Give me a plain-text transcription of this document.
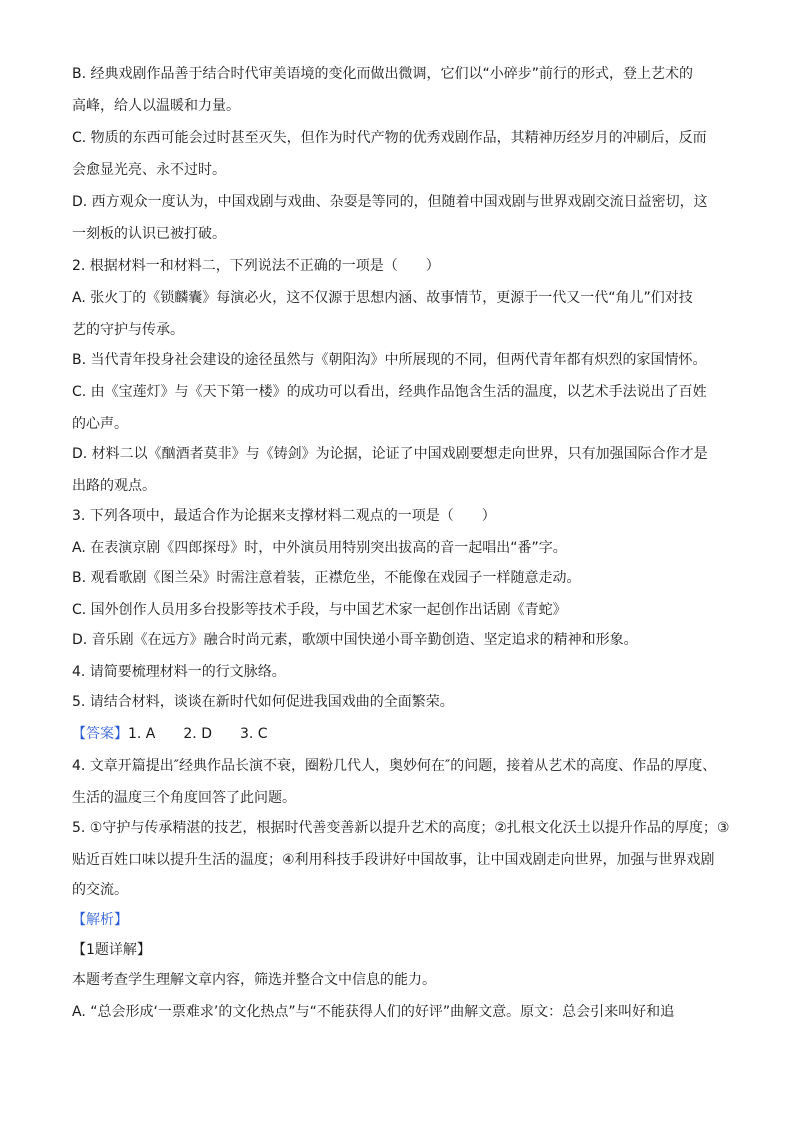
B. 经典戏剧作品善于结合时代审美语境的变化而做出微调，它们以“小碎步”前行的形式，登上艺术的
高峰，给人以温暖和力量。
C. 物质的东西可能会过时甚至灭失，但作为时代产物的优秀戏剧作品，其精神历经岁月的冲刷后，反而
会愈显光亮、永不过时。
D. 西方观众一度认为，中国戏剧与戏曲、杂耍是等同的，但随着中国戏剧与世界戏剧交流日益密切，这
一刻板的认识已被打破。
2. 根据材料一和材料二，下列说法不正确的一项是（　　）
A. 张火丁的《锁麟囊》每演必火，这不仅源于思想内涵、故事情节，更源于一代又一代“角儿”们对技
艺的守护与传承。
B. 当代青年投身社会建设的途径虽然与《朝阳沟》中所展现的不同，但两代青年都有炽烈的家国情怀。
C. 由《宝莲灯》与《天下第一楼》的成功可以看出，经典作品饱含生活的温度，以艺术手法说出了百姓
的心声。
D. 材料二以《酗酒者莫非》与《铸剑》为论据，论证了中国戏剧要想走向世界，只有加强国际合作才是
出路的观点。
3. 下列各项中，最适合作为论据来支撑材料二观点的一项是（　　）
A. 在表演京剧《四郎探母》时，中外演员用特别突出拔高的音一起唱出“番”字。
B. 观看歌剧《图兰朵》时需注意着装，正襟危坐，不能像在戏园子一样随意走动。
C. 国外创作人员用多台投影等技术手段，与中国艺术家一起创作出话剧《青蛇》
D. 音乐剧《在远方》融合时尚元素，歌颂中国快递小哥辛勤创造、坚定追求的精神和形象。
4. 请简要梳理材料一的行文脉络。
5. 请结合材料，谈谈在新时代如何促进我国戏曲的全面繁荣。
【答案】1. A　　2. D　　3. C
4. 文章开篇提出″经典作品长演不衰，圈粉几代人，奥妙何在″的问题，接着从艺术的高度、作品的厚度、
生活的温度三个角度回答了此问题。
5. ①守护与传承精湛的技艺，根据时代善变善新以提升艺术的高度；②扎根文化沃土以提升作品的厚度；③
贴近百姓口味以提升生活的温度；④利用科技手段讲好中国故事，让中国戏剧走向世界，加强与世界戏剧
的交流。
【解析】
【1题详解】
本题考查学生理解文章内容，筛选并整合文中信息的能力。
A. “总会形成‘一票难求’的文化热点”与“不能获得人们的好评”曲解文意。原文：总会引来叫好和追
